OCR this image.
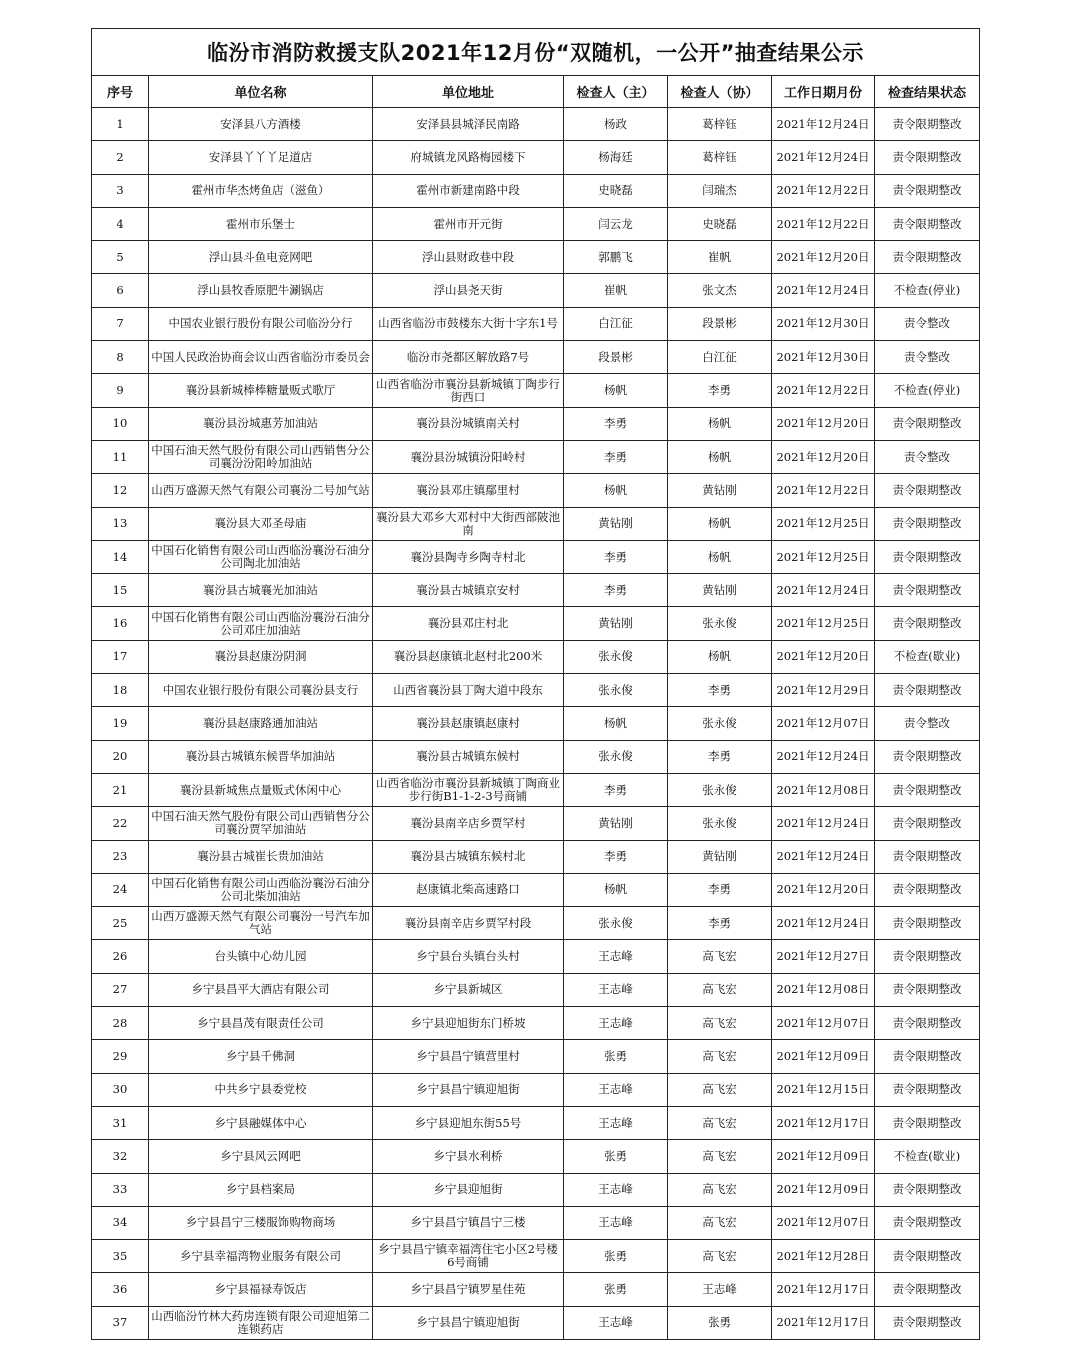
临汾市消防救援支队2021年12月份“双随机，一公开”抽查结果公示						
序号	单位名称	单位地址	检查人（主）	检查人（协）	工作日期月份	检查结果状态
1	安泽县八方酒楼	安泽县县城泽民南路	杨政	葛梓钰	2021年12月24日	责令限期整改
2	安泽县丫丫丫足道店	府城镇龙风路梅园楼下	杨海廷	葛梓钰	2021年12月24日	责令限期整改
3	霍州市华杰烤鱼店（滋鱼）	霍州市新建南路中段	史晓磊	闫瑞杰	2021年12月22日	责令限期整改
4	霍州市乐堡士	霍州市开元街	闫云龙	史晓磊	2021年12月22日	责令限期整改
5	浮山县斗鱼电竞网吧	浮山县财政巷中段	郭鹏飞	崔帆	2021年12月20日	责令限期整改
6	浮山县牧香原肥牛涮锅店	浮山县尧天街	崔帆	张文杰	2021年12月24日	不检查(停业)
7	中国农业银行股份有限公司临汾分行	山西省临汾市鼓楼东大街十字东1号	白江征	段景彬	2021年12月30日	责令整改
8	中国人民政治协商会议山西省临汾市委员会	临汾市尧都区解放路7号	段景彬	白江征	2021年12月30日	责令整改
9	襄汾县新城棒棒糖量贩式歌厅	山西省临汾市襄汾县新城镇丁陶步行街西口	杨帆	李勇	2021年12月22日	不检查(停业)
10	襄汾县汾城惠芳加油站	襄汾县汾城镇南关村	李勇	杨帆	2021年12月20日	责令限期整改
11	中国石油天然气股份有限公司山西销售分公司襄汾汾阳岭加油站	襄汾县汾城镇汾阳岭村	李勇	杨帆	2021年12月20日	责令整改
12	山西万盛源天然气有限公司襄汾二号加气站	襄汾县邓庄镇鄢里村	杨帆	黄钻刚	2021年12月22日	责令限期整改
13	襄汾县大邓圣母庙	襄汾县大邓乡大邓村中大街西部陂池南	黄钻刚	杨帆	2021年12月25日	责令限期整改
14	中国石化销售有限公司山西临汾襄汾石油分公司陶北加油站	襄汾县陶寺乡陶寺村北	李勇	杨帆	2021年12月25日	责令限期整改
15	襄汾县古城襄光加油站	襄汾县古城镇京安村	李勇	黄钻刚	2021年12月24日	责令限期整改
16	中国石化销售有限公司山西临汾襄汾石油分公司邓庄加油站	襄汾县邓庄村北	黄钻刚	张永俊	2021年12月25日	责令限期整改
17	襄汾县赵康汾阴洞	襄汾县赵康镇北赵村北200米	张永俊	杨帆	2021年12月20日	不检查(歇业)
18	中国农业银行股份有限公司襄汾县支行	山西省襄汾县丁陶大道中段东	张永俊	李勇	2021年12月29日	责令限期整改
19	襄汾县赵康路通加油站	襄汾县赵康镇赵康村	杨帆	张永俊	2021年12月07日	责令整改
20	襄汾县古城镇东候晋华加油站	襄汾县古城镇东候村	张永俊	李勇	2021年12月24日	责令限期整改
21	襄汾县新城焦点量贩式休闲中心	山西省临汾市襄汾县新城镇丁陶商业步行街B1-1-2-3号商铺	李勇	张永俊	2021年12月08日	责令限期整改
22	中国石油天然气股份有限公司山西销售分公司襄汾贾罕加油站	襄汾县南辛店乡贾罕村	黄钻刚	张永俊	2021年12月24日	责令限期整改
23	襄汾县古城崔长贵加油站	襄汾县古城镇东候村北	李勇	黄钻刚	2021年12月24日	责令限期整改
24	中国石化销售有限公司山西临汾襄汾石油分公司北柴加油站	赵康镇北柴高速路口	杨帆	李勇	2021年12月20日	责令限期整改
25	山西万盛源天然气有限公司襄汾一号汽车加气站	襄汾县南辛店乡贾罕村段	张永俊	李勇	2021年12月24日	责令限期整改
26	台头镇中心幼儿园	乡宁县台头镇台头村	王志峰	高飞宏	2021年12月27日	责令限期整改
27	乡宁县昌平大酒店有限公司	乡宁县新城区	王志峰	高飞宏	2021年12月08日	责令限期整改
28	乡宁县昌茂有限责任公司	乡宁县迎旭街东门桥坡	王志峰	高飞宏	2021年12月07日	责令限期整改
29	乡宁县千佛洞	乡宁县昌宁镇营里村	张勇	高飞宏	2021年12月09日	责令限期整改
30	中共乡宁县委党校	乡宁县昌宁镇迎旭街	王志峰	高飞宏	2021年12月15日	责令限期整改
31	乡宁县融媒体中心	乡宁县迎旭东街55号	王志峰	高飞宏	2021年12月17日	责令限期整改
32	乡宁县风云网吧	乡宁县水利桥	张勇	高飞宏	2021年12月09日	不检查(歇业)
33	乡宁县档案局	乡宁县迎旭街	王志峰	高飞宏	2021年12月09日	责令限期整改
34	乡宁县昌宁三楼服饰购物商场	乡宁县昌宁镇昌宁三楼	王志峰	高飞宏	2021年12月07日	责令限期整改
35	乡宁县幸福湾物业服务有限公司	乡宁县昌宁镇幸福湾住宅小区2号楼6号商铺	张勇	高飞宏	2021年12月28日	责令限期整改
36	乡宁县福禄寿饭店	乡宁县昌宁镇罗星佳苑	张勇	王志峰	2021年12月17日	责令限期整改
37	山西临汾竹林大药房连锁有限公司迎旭第二连锁药店	乡宁县昌宁镇迎旭街	王志峰	张勇	2021年12月17日	责令限期整改
